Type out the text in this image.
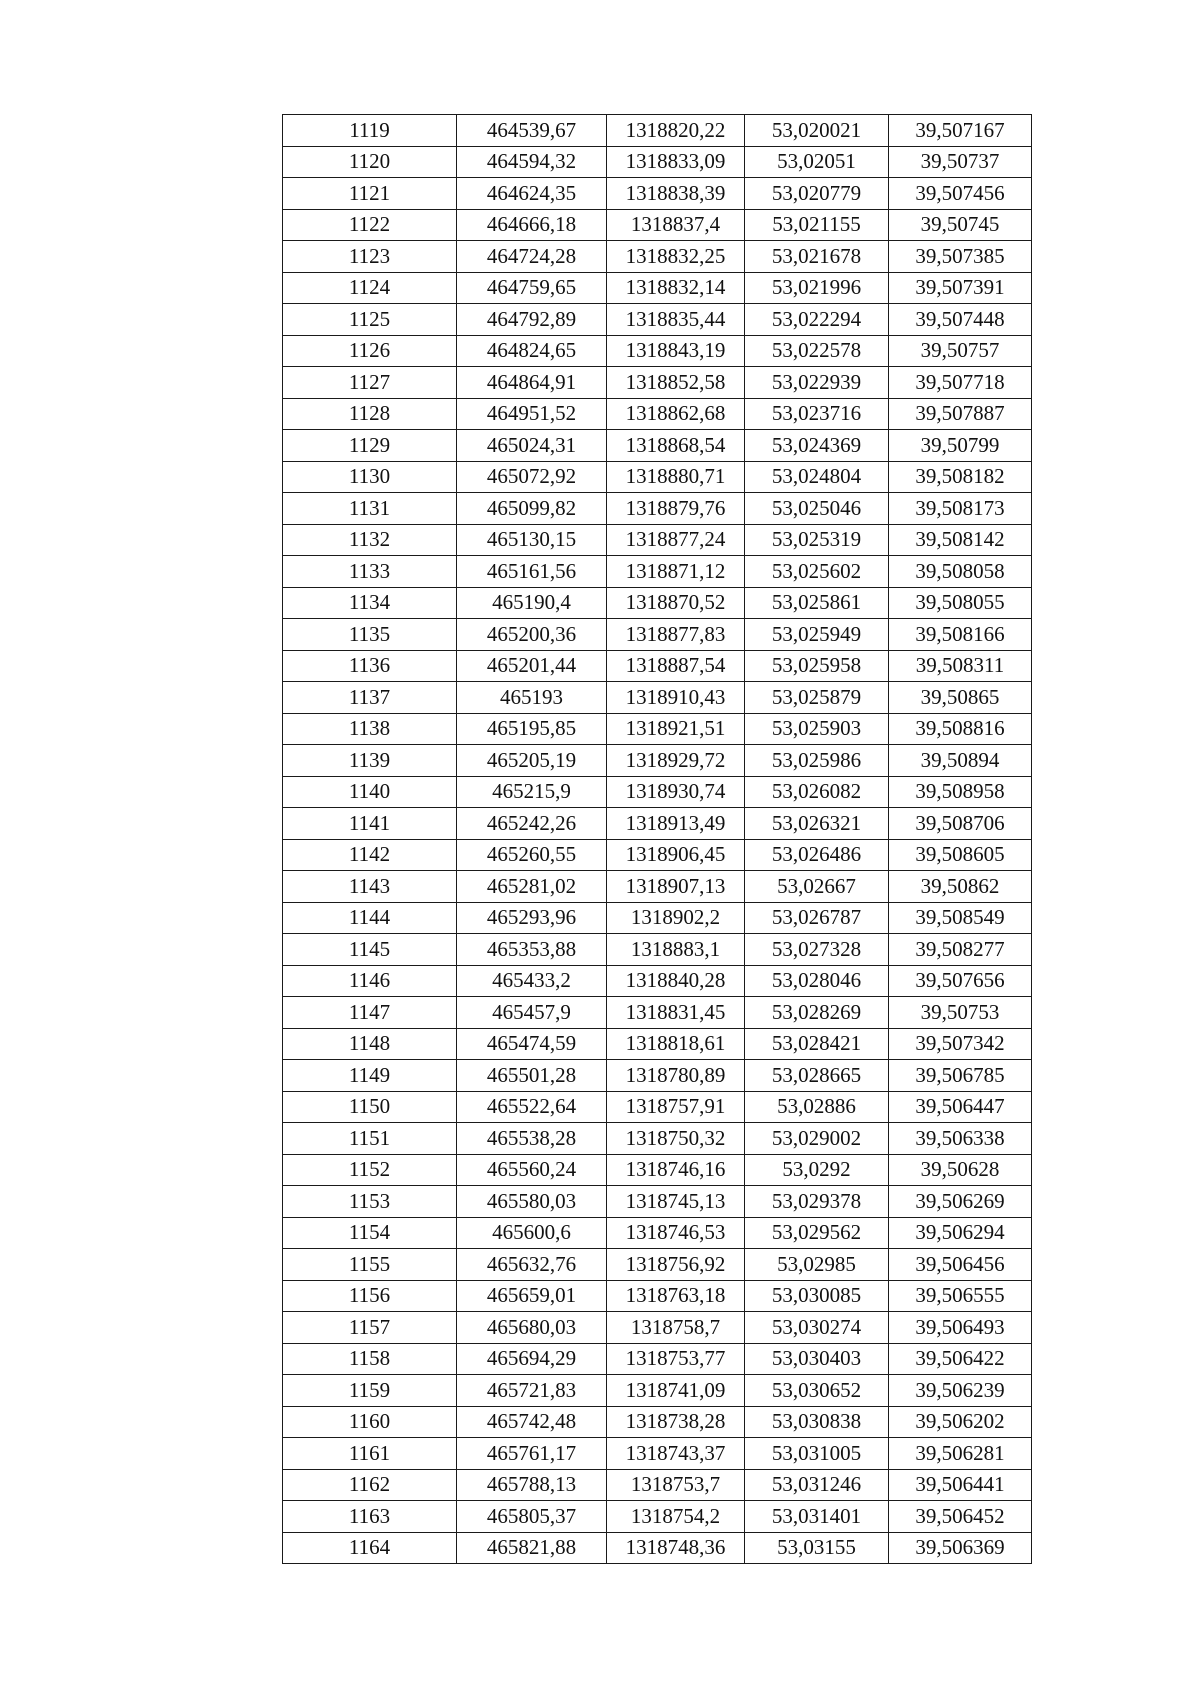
1119	464539,67	1318820,22	53,020021	39,507167
1120	464594,32	1318833,09	53,02051	39,50737
1121	464624,35	1318838,39	53,020779	39,507456
1122	464666,18	1318837,4	53,021155	39,50745
1123	464724,28	1318832,25	53,021678	39,507385
1124	464759,65	1318832,14	53,021996	39,507391
1125	464792,89	1318835,44	53,022294	39,507448
1126	464824,65	1318843,19	53,022578	39,50757
1127	464864,91	1318852,58	53,022939	39,507718
1128	464951,52	1318862,68	53,023716	39,507887
1129	465024,31	1318868,54	53,024369	39,50799
1130	465072,92	1318880,71	53,024804	39,508182
1131	465099,82	1318879,76	53,025046	39,508173
1132	465130,15	1318877,24	53,025319	39,508142
1133	465161,56	1318871,12	53,025602	39,508058
1134	465190,4	1318870,52	53,025861	39,508055
1135	465200,36	1318877,83	53,025949	39,508166
1136	465201,44	1318887,54	53,025958	39,508311
1137	465193	1318910,43	53,025879	39,50865
1138	465195,85	1318921,51	53,025903	39,508816
1139	465205,19	1318929,72	53,025986	39,50894
1140	465215,9	1318930,74	53,026082	39,508958
1141	465242,26	1318913,49	53,026321	39,508706
1142	465260,55	1318906,45	53,026486	39,508605
1143	465281,02	1318907,13	53,02667	39,50862
1144	465293,96	1318902,2	53,026787	39,508549
1145	465353,88	1318883,1	53,027328	39,508277
1146	465433,2	1318840,28	53,028046	39,507656
1147	465457,9	1318831,45	53,028269	39,50753
1148	465474,59	1318818,61	53,028421	39,507342
1149	465501,28	1318780,89	53,028665	39,506785
1150	465522,64	1318757,91	53,02886	39,506447
1151	465538,28	1318750,32	53,029002	39,506338
1152	465560,24	1318746,16	53,0292	39,50628
1153	465580,03	1318745,13	53,029378	39,506269
1154	465600,6	1318746,53	53,029562	39,506294
1155	465632,76	1318756,92	53,02985	39,506456
1156	465659,01	1318763,18	53,030085	39,506555
1157	465680,03	1318758,7	53,030274	39,506493
1158	465694,29	1318753,77	53,030403	39,506422
1159	465721,83	1318741,09	53,030652	39,506239
1160	465742,48	1318738,28	53,030838	39,506202
1161	465761,17	1318743,37	53,031005	39,506281
1162	465788,13	1318753,7	53,031246	39,506441
1163	465805,37	1318754,2	53,031401	39,506452
1164	465821,88	1318748,36	53,03155	39,506369
